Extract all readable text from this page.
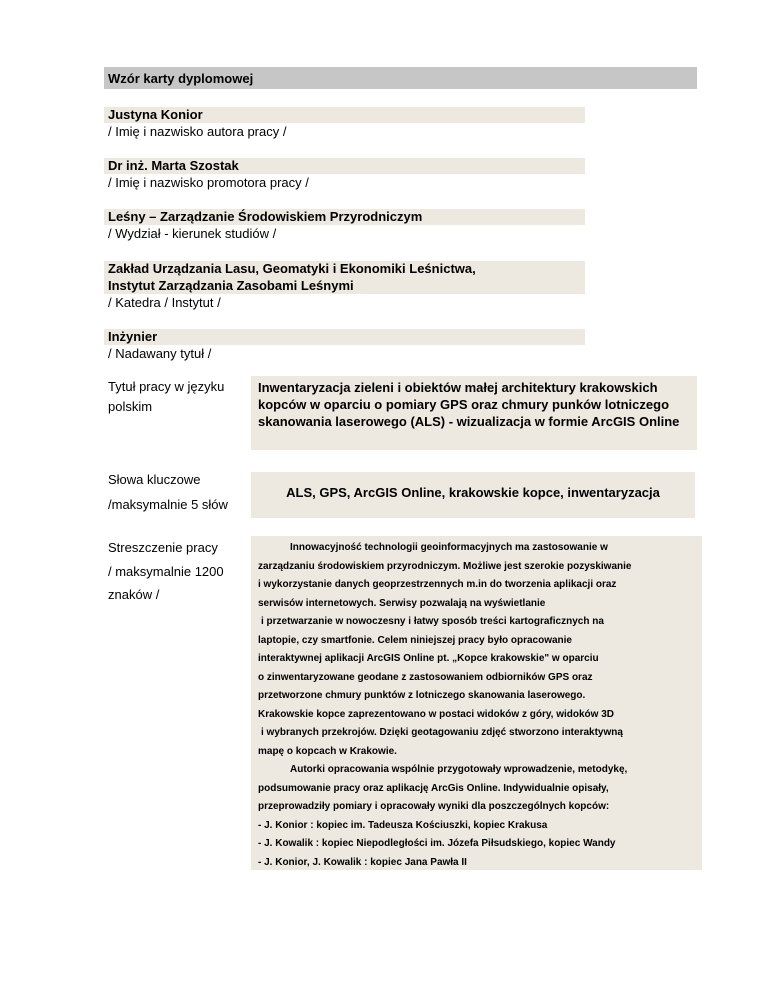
Wzór karty dyplomowej
Justyna Konior
/ Imię i nazwisko autora pracy /
Dr inż. Marta Szostak
/ Imię i nazwisko promotora pracy /
Leśny – Zarządzanie Środowiskiem Przyrodniczym
/ Wydział - kierunek studiów /
Zakład Urządzania Lasu, Geomatyki i Ekonomiki Leśnictwa,
Instytut Zarządzania Zasobami Leśnymi
/ Katedra / Instytut /
Inżynier
/ Nadawany tytuł /
Tytuł pracy w języku
polskim
Inwentaryzacja zieleni i obiektów małej architektury krakowskich kopców w oparciu o pomiary GPS oraz chmury punków lotniczego skanowania laserowego (ALS) - wizualizacja w formie ArcGIS Online
Słowa kluczowe
/maksymalnie 5 słów
ALS, GPS, ArcGIS Online, krakowskie kopce, inwentaryzacja
Streszczenie pracy
/ maksymalnie 1200
znaków /

Innowacyjność technologii geoinformacyjnych ma zastosowanie w

zarządzaniu środowiskiem przyrodniczym. Możliwe jest szerokie pozyskiwanie

i wykorzystanie danych geoprzestrzennych m.in do tworzenia aplikacji oraz

serwisów internetowych. Serwisy pozwalają na wyświetlanie

i przetwarzanie w nowoczesny i łatwy sposób treści kartograficznych na

laptopie, czy smartfonie. Celem niniejszej pracy było opracowanie

interaktywnej aplikacji ArcGIS Online pt. „Kopce krakowskie" w oparciu

o zinwentaryzowane geodane z zastosowaniem odbiorników GPS oraz

przetworzone chmury punktów z lotniczego skanowania laserowego.

Krakowskie kopce zaprezentowano w postaci widoków z góry, widoków 3D

i wybranych przekrojów. Dzięki geotagowaniu zdjęć stworzono interaktywną

mapę o kopcach w Krakowie.

Autorki opracowania wspólnie przygotowały wprowadzenie, metodykę,

podsumowanie pracy oraz aplikację ArcGis Online. Indywidualnie opisały,

przeprowadziły pomiary i opracowały wyniki dla poszczególnych kopców:

- J. Konior : kopiec im. Tadeusza Kościuszki, kopiec Krakusa

- J. Kowalik : kopiec Niepodległości im. Józefa Piłsudskiego, kopiec Wandy

- J. Konior, J. Kowalik : kopiec Jana Pawła II
